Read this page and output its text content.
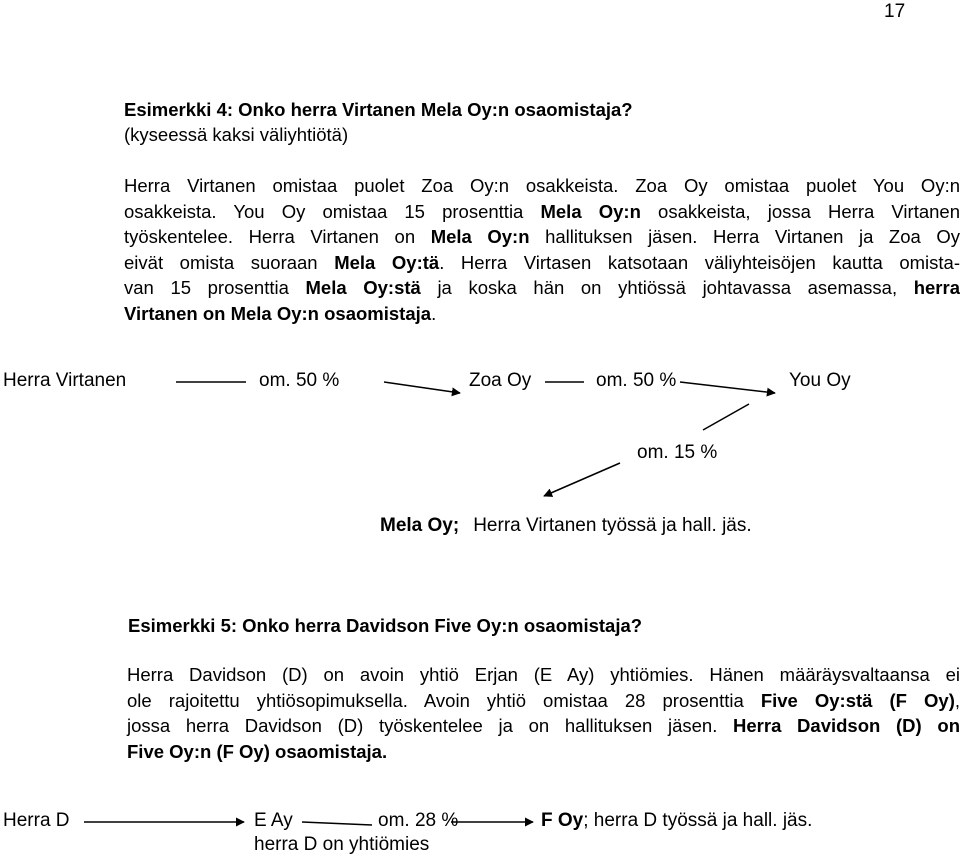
17
Esimerkki 4: Onko herra Virtanen Mela Oy:n osaomistaja?
(kyseessä kaksi väliyhtiötä)
Herra Virtanen omistaa puolet Zoa Oy:n osakkeista. Zoa Oy omistaa puolet You Oy:n
osakkeista. You Oy omistaa 15 prosenttia Mela Oy:n osakkeista, jossa Herra Virtanen
työskentelee. Herra Virtanen on Mela Oy:n hallituksen jäsen. Herra Virtanen ja Zoa Oy
eivät omista suoraan Mela Oy:tä. Herra Virtasen katsotaan väliyhteisöjen kautta omista-
van 15 prosenttia Mela Oy:stä ja koska hän on yhtiössä johtavassa asemassa, herra
Virtanen on Mela Oy:n osaomistaja.
Herra Virtanen	om. 50 %	Zoa Oy	om. 50 %	You Oy
om. 15 %
Mela Oy; Herra Virtanen työssä ja hall. jäs.
Esimerkki 5: Onko herra Davidson Five Oy:n osaomistaja?
Herra Davidson (D) on avoin yhtiö Erjan (E Ay) yhtiömies. Hänen määräysvaltaansa ei
ole rajoitettu yhtiösopimuksella. Avoin yhtiö omistaa 28 prosenttia Five Oy:stä (F Oy),
jossa herra Davidson (D) työskentelee ja on hallituksen jäsen. Herra Davidson (D) on
Five Oy:n (F Oy) osaomistaja.
Herra D	E Ay
herra D on yhtiömies
om. 28 %	F Oy; herra D työssä ja hall. jäs.
